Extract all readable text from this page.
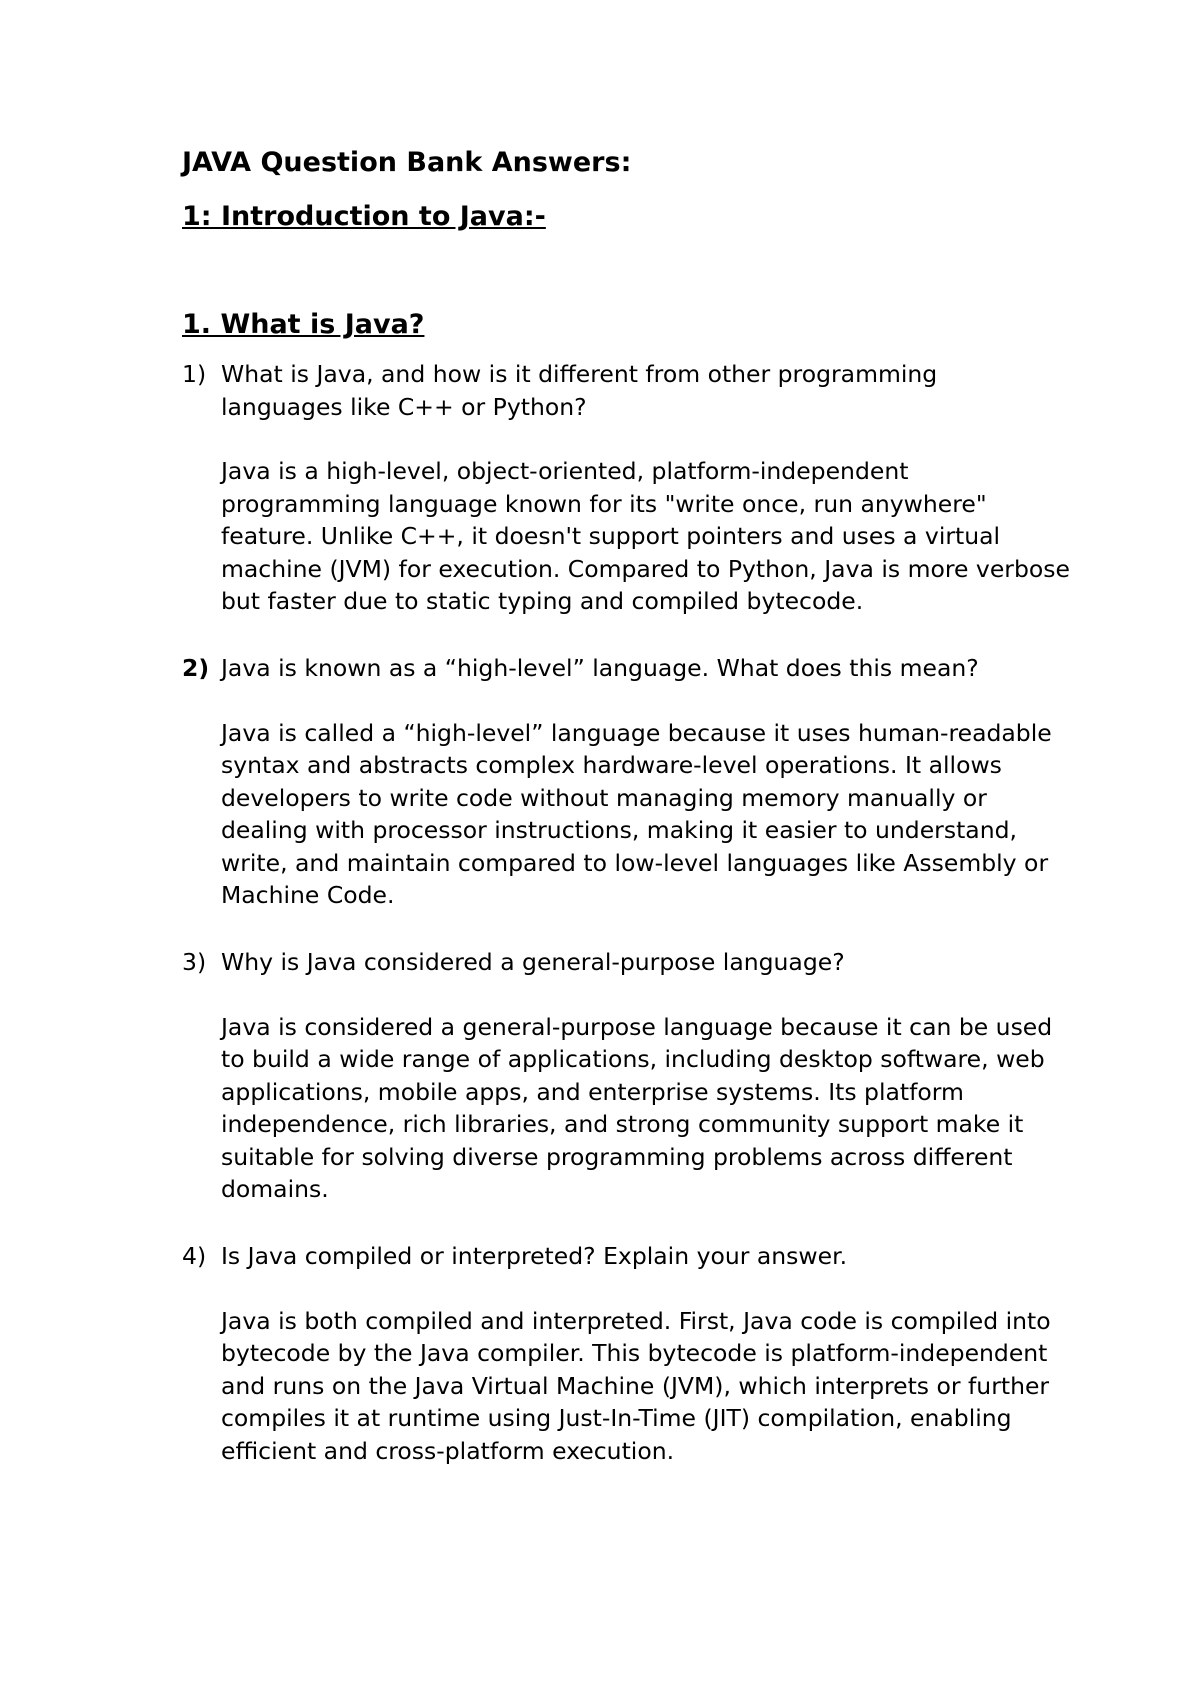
JAVA Question Bank Answers:
1: Introduction to Java:-
1. What is Java?
1) What is Java, and how is it different from other programming languages like C++ or Python?
Java is a high-level, object-oriented, platform-independent programming language known for its "write once, run anywhere" feature. Unlike C++, it doesn't support pointers and uses a virtual machine (JVM) for execution. Compared to Python, Java is more verbose but faster due to static typing and compiled bytecode.
2) Java is known as a “high-level” language. What does this mean?
Java is called a “high-level” language because it uses human-readable syntax and abstracts complex hardware-level operations. It allows developers to write code without managing memory manually or dealing with processor instructions, making it easier to understand, write, and maintain compared to low-level languages like Assembly or Machine Code.
3) Why is Java considered a general-purpose language?
Java is considered a general-purpose language because it can be used to build a wide range of applications, including desktop software, web applications, mobile apps, and enterprise systems. Its platform independence, rich libraries, and strong community support make it suitable for solving diverse programming problems across different domains.
4) Is Java compiled or interpreted? Explain your answer.
Java is both compiled and interpreted. First, Java code is compiled into bytecode by the Java compiler. This bytecode is platform-independent and runs on the Java Virtual Machine (JVM), which interprets or further compiles it at runtime using Just-In-Time (JIT) compilation, enabling efficient and cross-platform execution.
